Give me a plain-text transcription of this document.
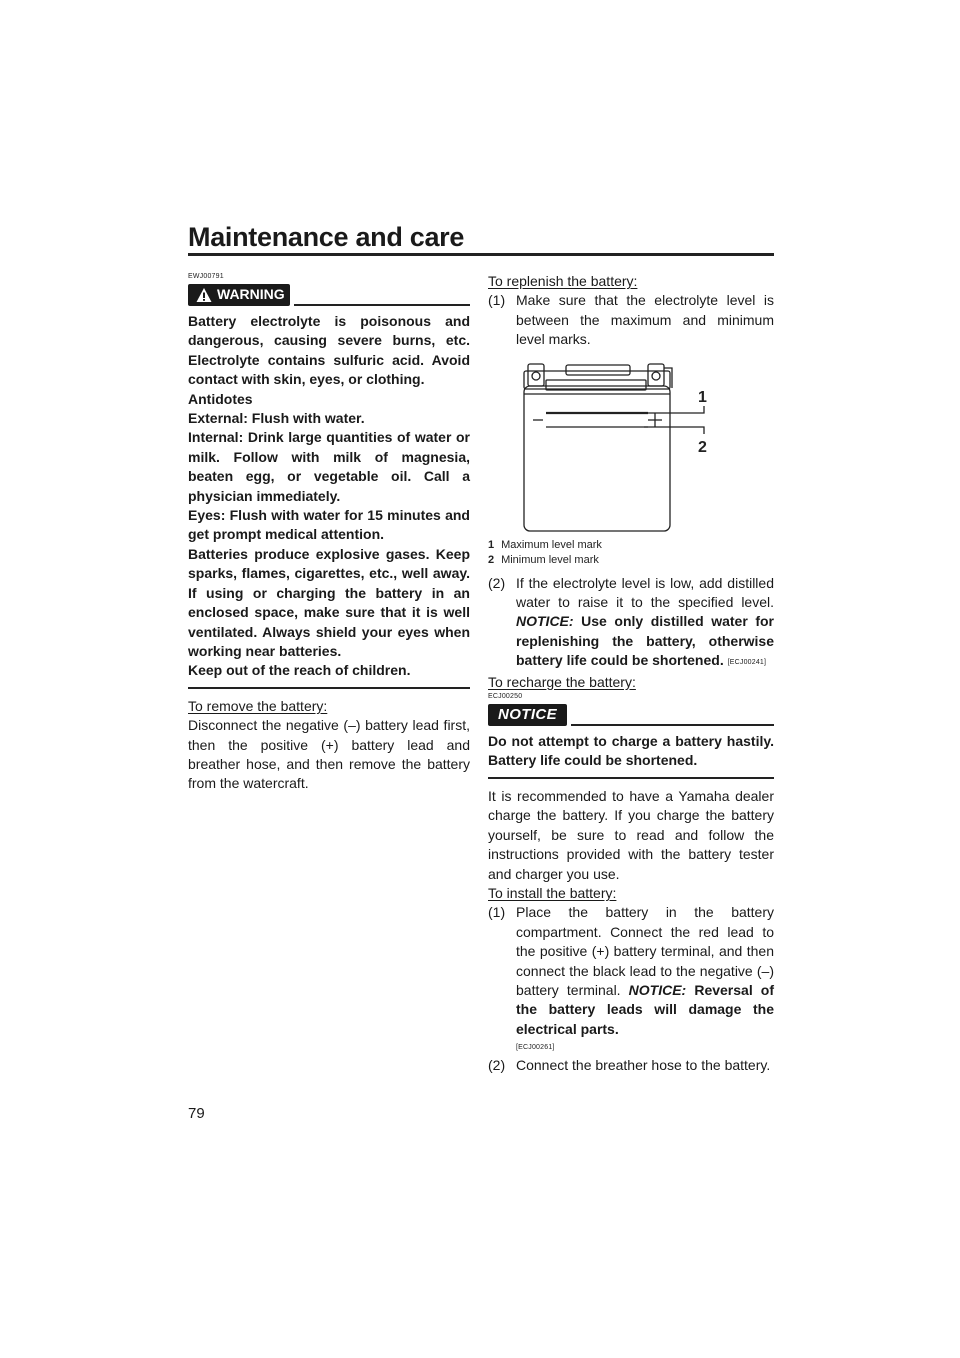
Maintenance and care
EWJ00791
WARNING

Battery electrolyte is poisonous and dangerous, causing severe burns, etc. Electrolyte contains sulfuric acid. Avoid contact with skin, eyes, or clothing.

Antidotes

External: Flush with water.

Internal: Drink large quantities of water or milk. Follow with milk of magnesia, beaten egg, or vegetable oil. Call a physician immediately.

Eyes: Flush with water for 15 minutes and get prompt medical attention.

Batteries produce explosive gases. Keep sparks, flames, cigarettes, etc., well away. If using or charging the battery in an enclosed space, make sure that it is well ventilated. Always shield your eyes when working near batteries.

Keep out of the reach of children.

To remove the battery:

Disconnect the negative (–) battery lead first, then the positive (+) battery lead and breather hose, and then remove the battery from the watercraft.

To replenish the battery:

(1) Make sure that the electrolyte level is between the maximum and minimum level marks.
1
2
1 Maximum level mark
2 Minimum level mark
(2) If the electrolyte level is low, add distilled water to raise it to the specified level. NOTICE: Use only distilled water for replenishing the battery, otherwise battery life could be shortened. [ECJ00241]

To recharge the battery:

ECJ00250
NOTICE

Do not attempt to charge a battery hastily. Battery life could be shortened.

It is recommended to have a Yamaha dealer charge the battery. If you charge the battery yourself, be sure to read and follow the instructions provided with the battery tester and charger you use.

To install the battery:

(1) Place the battery in the battery compartment. Connect the red lead to the positive (+) battery terminal, and then connect the black lead to the negative (–) battery terminal. NOTICE: Reversal of the battery leads will damage the electrical parts.
[ECJ00261]
(2) Connect the breather hose to the battery.
79
